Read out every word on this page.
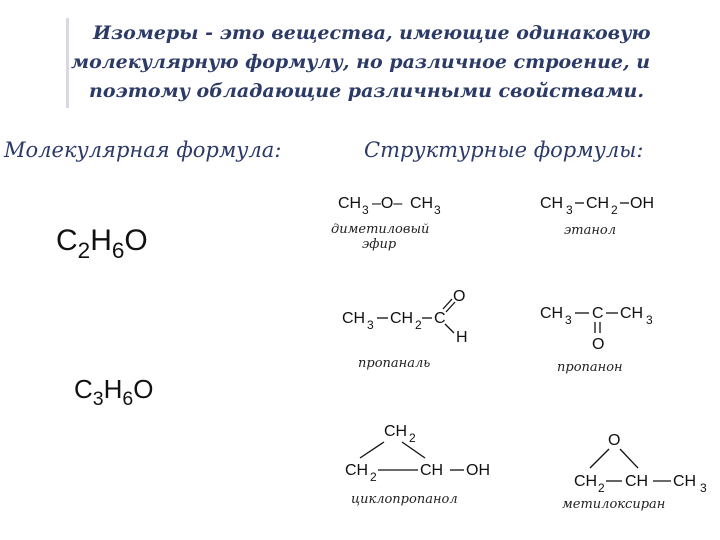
Изомеры - это вещества, имеющие одинаковую
молекулярную формулу, но различное строение, и
поэтому обладающие различными свойствами.
Молекулярная формула:	Структурные формулы:
$C_2H_6O$
$C_3H_6O$
CH 3 –O– CH 3
диметиловый
эфир
CH 3 CH 2 OH
этанол
CH 3 CH 2 C
O
H
пропаналь
CH 3 C CH 3
O
пропанон
CH 2
CH 2	CH OH
циклопропанол
O
CH 2 CH CH 3
метилоксиран
